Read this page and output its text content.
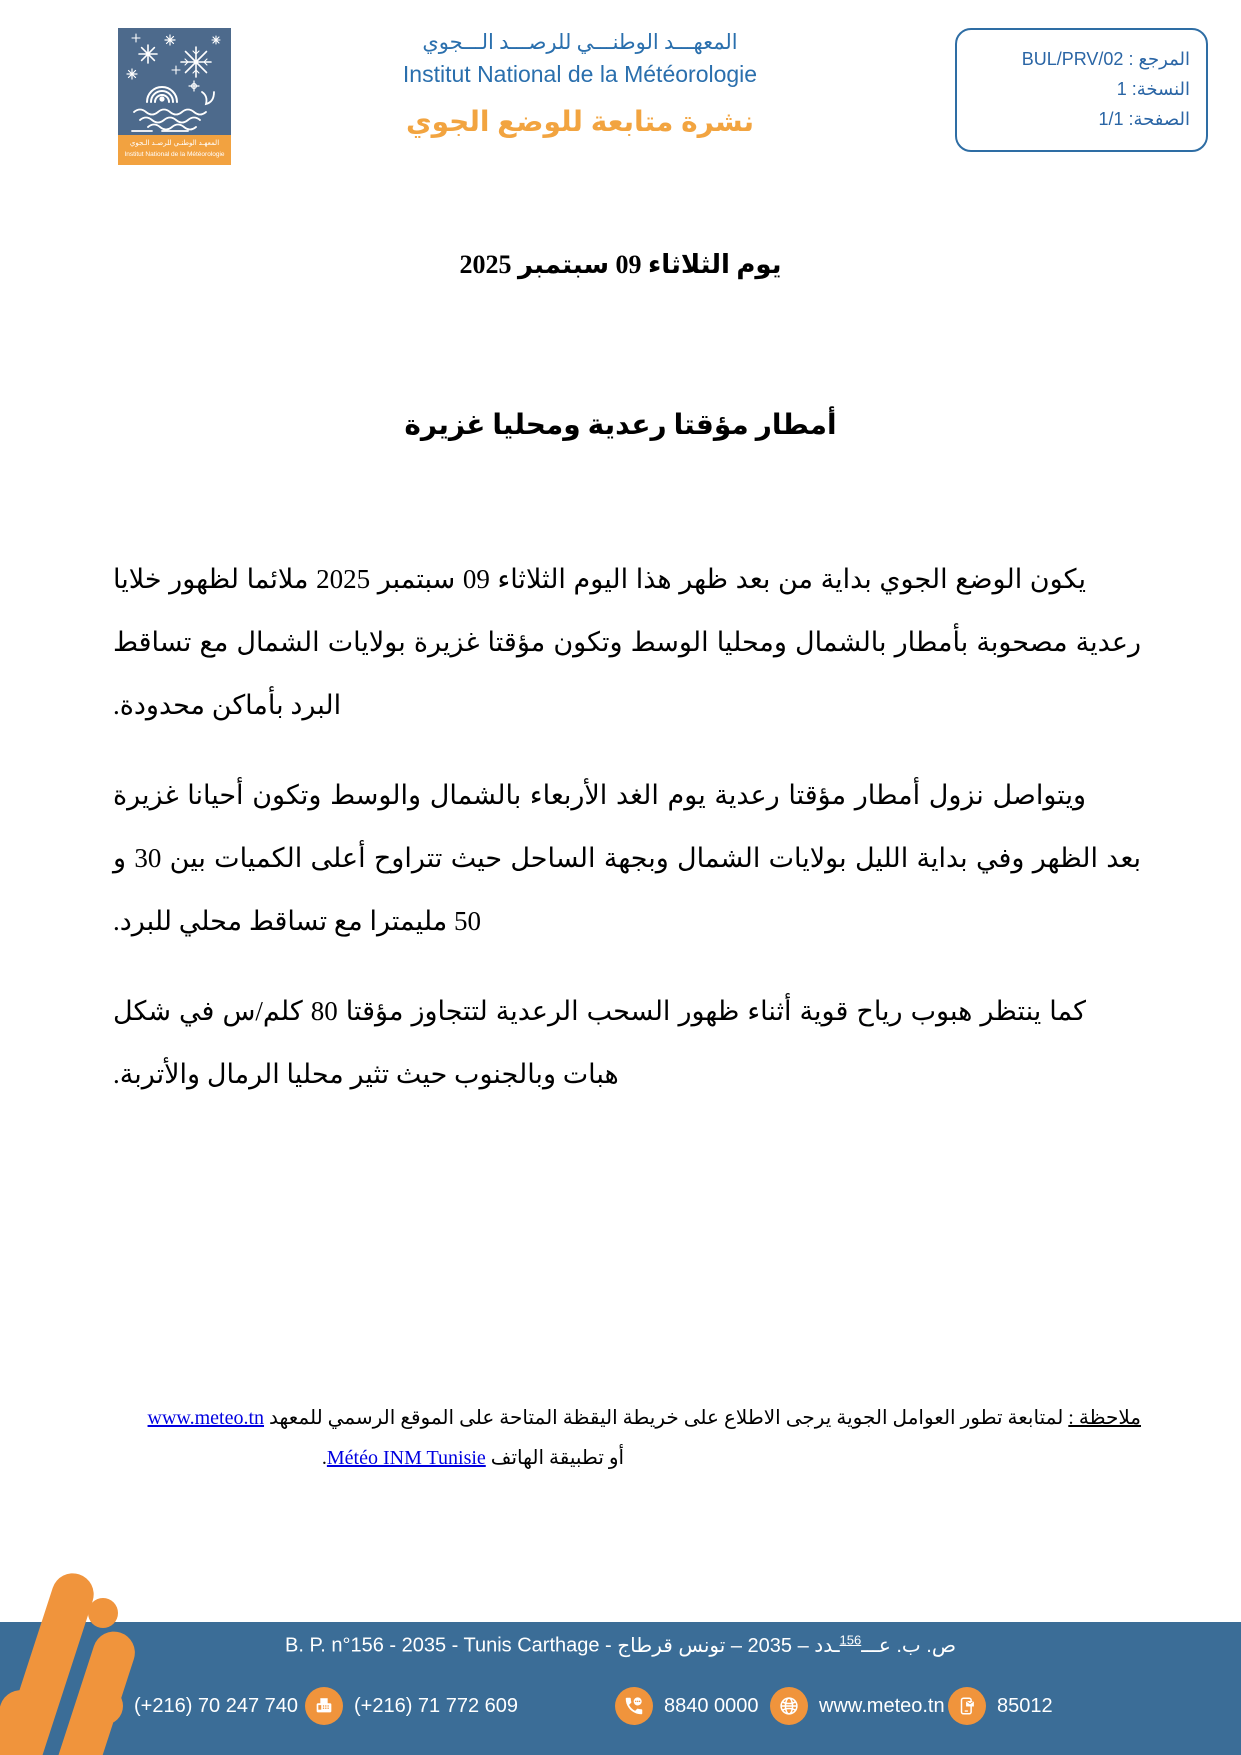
المعهـد الوطنـي للرصـد الـجوي
Institut National de la Météorologie
المعهـــد الوطنـــي للرصـــد الـــجوي
Institut National de la Météorologie
نشرة متابعة للوضع الجوي
المرجع : BUL/PRV/02
النسخة: 1
الصفحة: 1/1
يوم الثلاثاء 09 سبتمبر 2025
أمطار مؤقتا رعدية ومحليا غزيرة

يكون الوضع الجوي بداية من بعد ظهر هذا اليوم الثلاثاء 09 سبتمبر 2025 ملائما لظهور خلايا رعدية مصحوبة بأمطار بالشمال ومحليا الوسط وتكون مؤقتا غزيرة بولايات الشمال مع تساقط البرد بأماكن محدودة.

ويتواصل نزول أمطار مؤقتا رعدية يوم الغد الأربعاء بالشمال والوسط وتكون أحيانا غزيرة بعد الظهر وفي بداية الليل بولايات الشمال وبجهة الساحل حيث تتراوح أعلى الكميات بين 30 و 50 مليمترا مع تساقط محلي للبرد.

كما ينتظر هبوب رياح قوية أثناء ظهور السحب الرعدية لتتجاوز مؤقتا 80 كلم/س في شكل هبات وبالجنوب حيث تثير محليا الرمال والأتربة.

ملاحظة : لمتابعة تطور العوامل الجوية يرجى الاطلاع على خريطة اليقظة المتاحة على الموقع الرسمي للمعهد www.meteo.tn
أو تطبيقة الهاتف Météo INM Tunisie.
B. P. n°156 - 2035 - Tunis Carthage -	ص. ب. عـــ$^{156}$ـدد – 2035 – تونس قرطاج
(+216) 70 247 740	(+216) 71 772 609	8840 0000	www.meteo.tn	85012
